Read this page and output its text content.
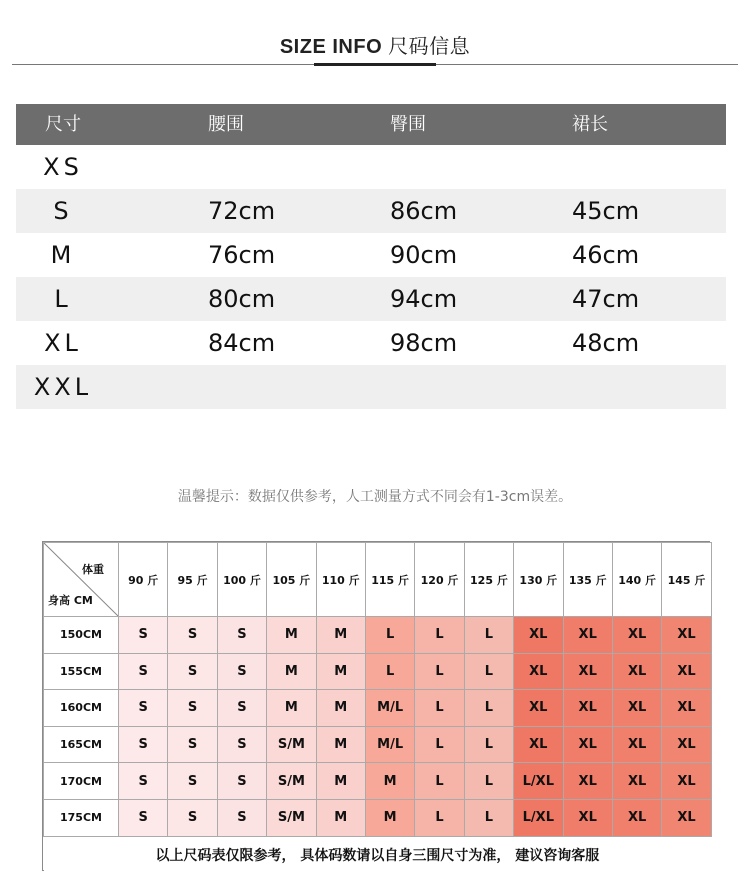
SIZE INFO 尺码信息
尺寸	腰围	臀围	裙长
XS
S	72cm	86cm	45cm
M	76cm	90cm	46cm
L	80cm	94cm	47cm
XL	84cm	98cm	48cm
XXL
温馨提示：数据仅供参考，人工测量方式不同会有1-3cm误差。
体重
身高 CM	90 斤	95 斤	100 斤	105 斤	110 斤	115 斤	120 斤	125 斤	130 斤	135 斤	140 斤	145 斤
150CM	S	S	S	M	M	L	L	L	XL	XL	XL	XL
155CM	S	S	S	M	M	L	L	L	XL	XL	XL	XL
160CM	S	S	S	M	M	M/L	L	L	XL	XL	XL	XL
165CM	S	S	S	S/M	M	M/L	L	L	XL	XL	XL	XL
170CM	S	S	S	S/M	M	M	L	L	L/XL	XL	XL	XL
175CM	S	S	S	S/M	M	M	L	L	L/XL	XL	XL	XL
以上尺码表仅限参考， 具体码数请以自身三围尺寸为准， 建议咨询客服												
